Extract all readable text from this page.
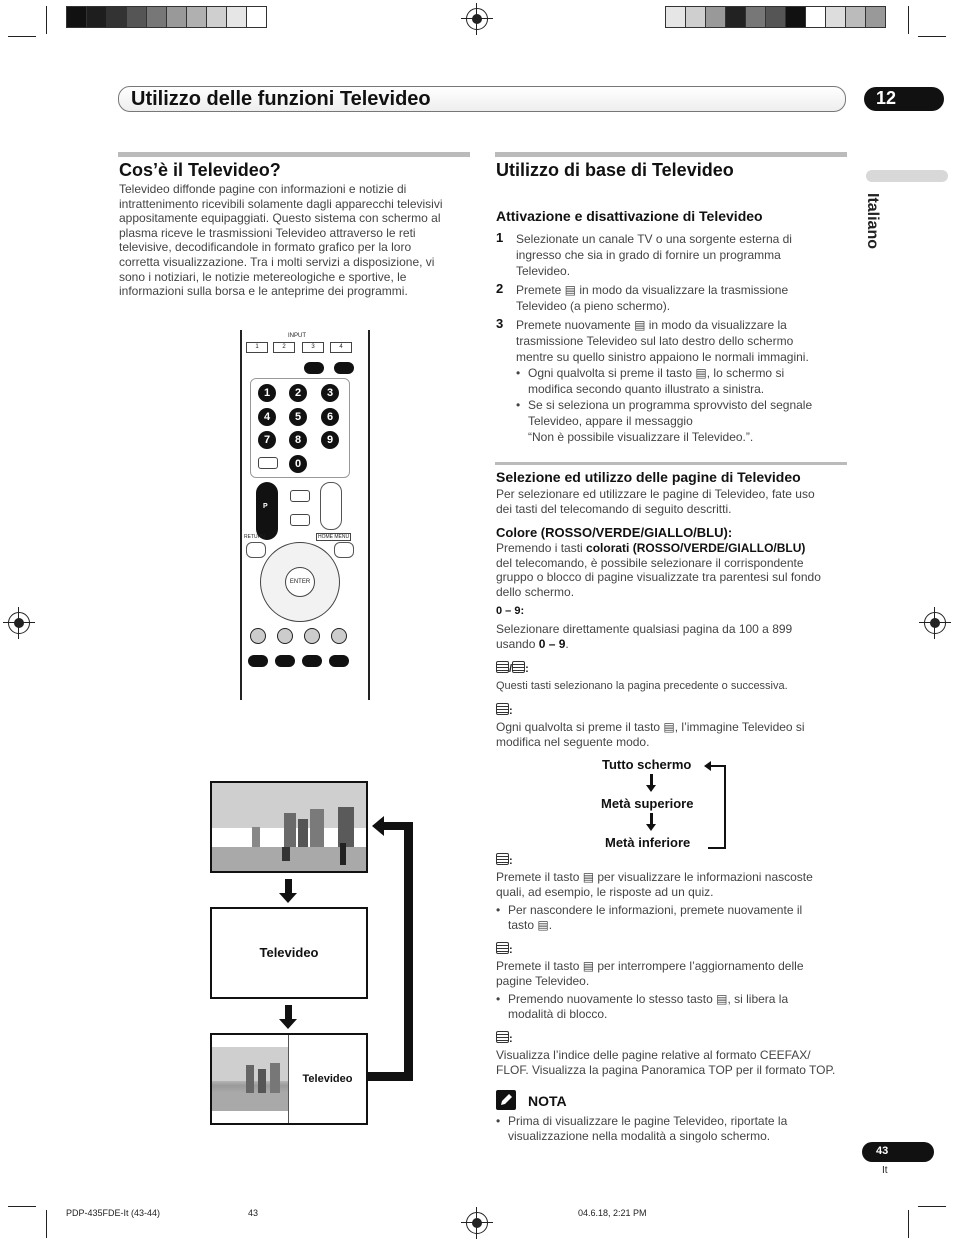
Utilizzo delle funzioni Televideo	12
Italiano
Cos’è il Televideo?
Televideo diffonde pagine con informazioni e notizie di
intrattenimento ricevibili solamente dagli apparecchi televisivi
appositamente equipaggiati. Questo sistema con schermo al
plasma riceve le trasmissioni Televideo attraverso le reti
televisive, decodificandole in formato grafico per la loro
corretta visualizzazione. Tra i molti servizi a disposizione, vi
sono i notiziari, le notizie metereologiche e sportive, le
informazioni sulla borsa e le anteprime dei programmi.
INPUT
1	2	3	4
1	2	3
4	5	6
7	8	9
0
P
RETURN	HOME MENU
ENTER
Televideo
Televideo
Utilizzo di base di Televideo
Attivazione e disattivazione di Televideo
1 Selezionate un canale TV o una sorgente esterna di
ingresso che sia in grado di fornire un programma
Televideo.
2 Premete ▤ in modo da visualizzare la trasmissione
Televideo (a pieno schermo).
3 Premete nuovamente ▤ in modo da visualizzare la
trasmissione Televideo sul lato destro dello schermo
mentre su quello sinistro appaiono le normali immagini.
• Ogni qualvolta si preme il tasto ▤, lo schermo si
modifica secondo quanto illustrato a sinistra.
• Se si seleziona un programma sprovvisto del segnale
Televideo, appare il messaggio
“Non è possibile visualizzare il Televideo.”.
Selezione ed utilizzo delle pagine di Televideo
Per selezionare ed utilizzare le pagine di Televideo, fate uso
dei tasti del telecomando di seguito descritti.
Colore (ROSSO/VERDE/GIALLO/BLU):
Premendo i tasti colorati (ROSSO/VERDE/GIALLO/BLU)
del telecomando, è possibile selezionare il corrispondente
gruppo o blocco di pagine visualizzate tra parentesi sul fondo
dello schermo.
0 – 9:
Selezionare direttamente qualsiasi pagina da 100 a 899
usando 0 – 9.
/ :
Questi tasti selezionano la pagina precedente o successiva.
:
Ogni qualvolta si preme il tasto ▤, l’immagine Televideo si
modifica nel seguente modo.
Tutto schermo
Metà superiore
Metà inferiore
:
Premete il tasto ▤ per visualizzare le informazioni nascoste
quali, ad esempio, le risposte ad un quiz.
• Per nascondere le informazioni, premete nuovamente il
tasto ▤.
:
Premete il tasto ▤ per interrompere l’aggiornamento delle
pagine Televideo.
• Premendo nuovamente lo stesso tasto ▤, si libera la
modalità di blocco.
:
Visualizza l’indice delle pagine relative al formato CEEFAX/
FLOF. Visualizza la pagina Panoramica TOP per il formato TOP.
NOTA
• Prima di visualizzare le pagine Televideo, riportate la
visualizzazione nella modalità a singolo schermo.
43
It
PDP-435FDE-It (43-44)	43	04.6.18, 2:21 PM
